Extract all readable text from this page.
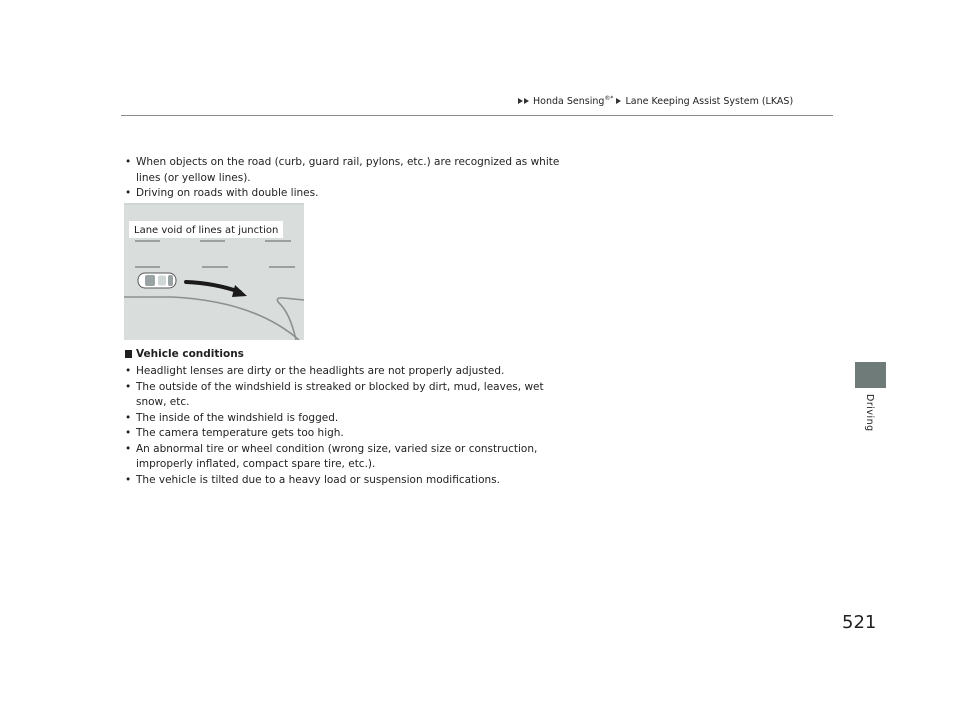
Honda Sensing®* Lane Keeping Assist System (LKAS)
• When objects on the road (curb, guard rail, pylons, etc.) are recognized as white lines (or yellow lines).
• Driving on roads with double lines.
Lane void of lines at junction
Vehicle conditions
• Headlight lenses are dirty or the headlights are not properly adjusted.
• The outside of the windshield is streaked or blocked by dirt, mud, leaves, wet snow, etc.
• The inside of the windshield is fogged.
• The camera temperature gets too high.
• An abnormal tire or wheel condition (wrong size, varied size or construction, improperly inflated, compact spare tire, etc.).
• The vehicle is tilted due to a heavy load or suspension modifications.
Driving
521
